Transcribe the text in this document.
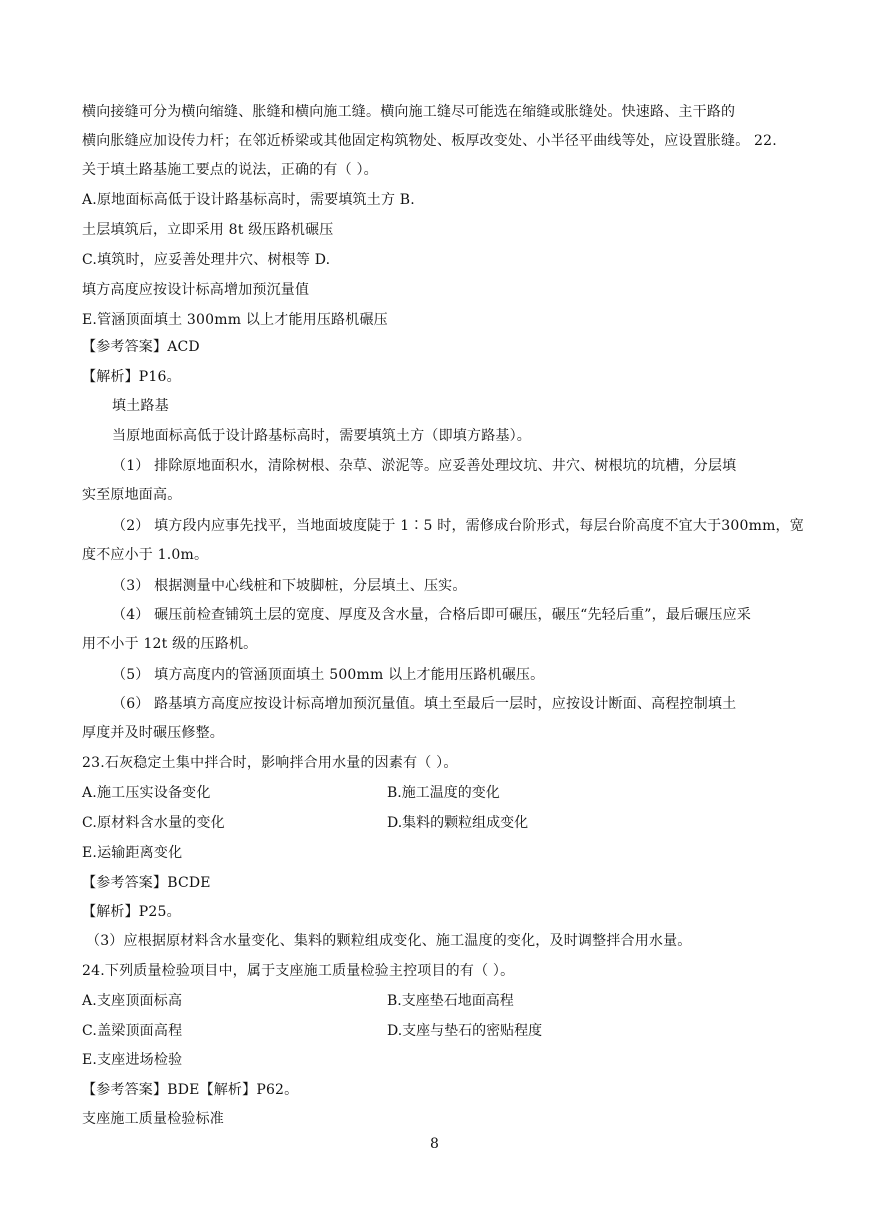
横向接缝可分为横向缩缝、胀缝和横向施工缝。横向施工缝尽可能选在缩缝或胀缝处。快速路、主干路的
横向胀缝应加设传力杆；在邻近桥梁或其他固定构筑物处、板厚改变处、小半径平曲线等处，应设置胀缝。 22.
关于填土路基施工要点的说法，正确的有（ ）。
A.原地面标高低于设计路基标高时，需要填筑土方 B.
土层填筑后，立即采用 8t 级压路机碾压
C.填筑时，应妥善处理井穴、树根等 D.
填方高度应按设计标高增加预沉量值
E.管涵顶面填土 300mm 以上才能用压路机碾压
【参考答案】ACD
【解析】P16。
填土路基
当原地面标高低于设计路基标高时，需要填筑土方（即填方路基）。
（1） 排除原地面积水，清除树根、杂草、淤泥等。应妥善处理坟坑、井穴、树根坑的坑槽，分层填
实至原地面高。
（2） 填方段内应事先找平，当地面坡度陡于 1∶5 时，需修成台阶形式，每层台阶高度不宜大于300mm，宽
度不应小于 1.0m。
（3） 根据测量中心线桩和下坡脚桩，分层填土、压实。
（4） 碾压前检查铺筑土层的宽度、厚度及含水量，合格后即可碾压，碾压“先轻后重”，最后碾压应采
用不小于 12t 级的压路机。
（5） 填方高度内的管涵顶面填土 500mm 以上才能用压路机碾压。
（6） 路基填方高度应按设计标高增加预沉量值。填土至最后一层时，应按设计断面、高程控制填土
厚度并及时碾压修整。
23.石灰稳定土集中拌合时，影响拌合用水量的因素有（ ）。
A.施工压实设备变化	B.施工温度的变化
C.原材料含水量的变化	D.集料的颗粒组成变化
E.运输距离变化
【参考答案】BCDE
【解析】P25。
（3）应根据原材料含水量变化、集料的颗粒组成变化、施工温度的变化，及时调整拌合用水量。
24.下列质量检验项目中，属于支座施工质量检验主控项目的有（ ）。
A.支座顶面标高	B.支座垫石地面高程
C.盖梁顶面高程	D.支座与垫石的密贴程度
E.支座进场检验
【参考答案】BDE【解析】P62。
支座施工质量检验标准
8
